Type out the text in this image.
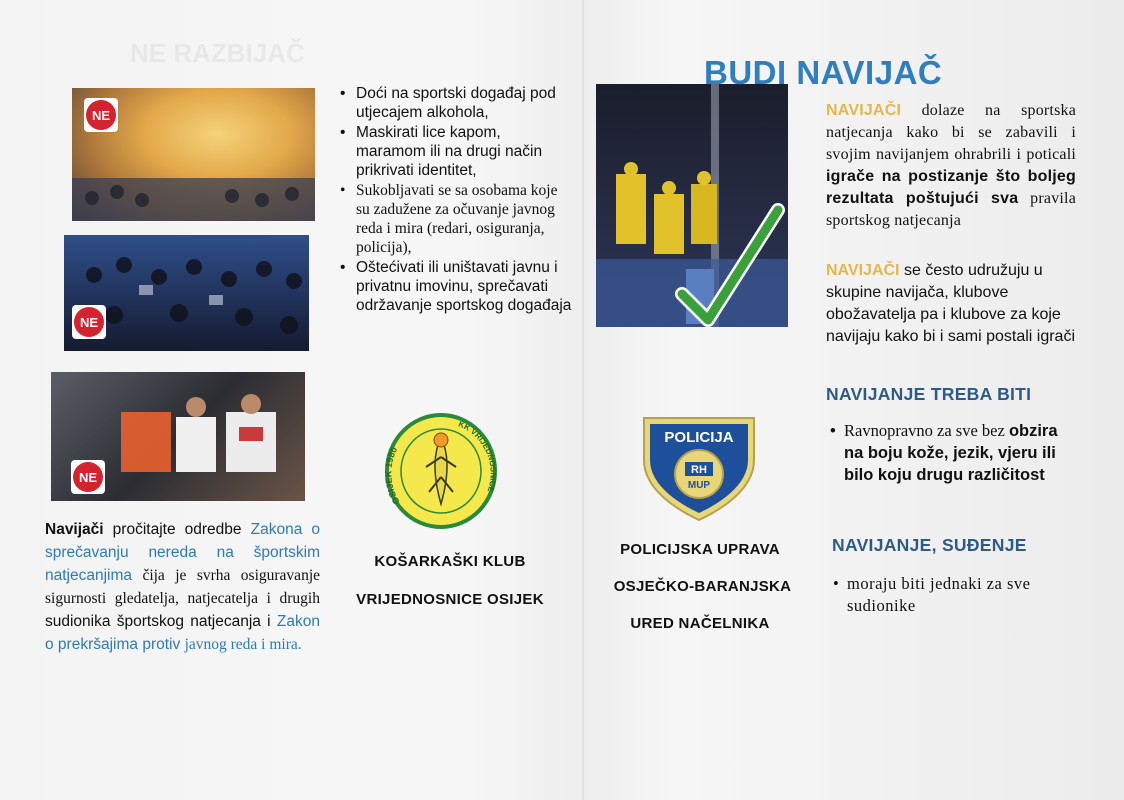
NE RAZBIJAČ
NE
NE
NE
• Doći na sportski događaj pod utjecajem alkohola,
• Maskirati lice kapom, maramom ili na drugi način prikrivati identitet,
• Sukobljavati se sa osobama koje su zadužene za očuvanje javnog reda i mira (redari, osiguranja, policija),
• Oštećivati ili uništavati javnu i privatnu imovinu, sprečavati održavanje sportskog događaja
Navijači pročitajte odredbe Zakona o sprečavanju nereda na športskim natjecanjima čija je svrha osiguravanje sigurnosti gledatelja, natjecatelja i drugih sudionika športskog natjecanja i Zakon o prekršajima protiv javnog reda i mira.
OSIJEK 1980
KK VRIJEDNOSNICE
KOŠARKAŠKI KLUB
VRIJEDNOSNICE OSIJEK
POLICIJA
RH
MUP
POLICIJSKA UPRAVA
OSJEČKO-BARANJSKA
URED NAČELNIKA
BUDI NAVIJAČ
NAVIJAČI dolaze na sportska natjecanja kako bi se zabavili i svojim navijanjem ohrabrili i poticali igrače na postizanje što boljeg rezultata poštujući sva pravila sportskog natjecanja
NAVIJAČI se često udružuju u skupine navijača, klubove obožavatelja pa i klubove za koje navijaju kako bi i sami postali igrači
NAVIJANJE TREBA BITI
• Ravnopravno za sve bez obzira na boju kože, jezik, vjeru ili bilo koju drugu različitost
NAVIJANJE, SUĐENJE
• moraju biti jednaki za sve sudionike
